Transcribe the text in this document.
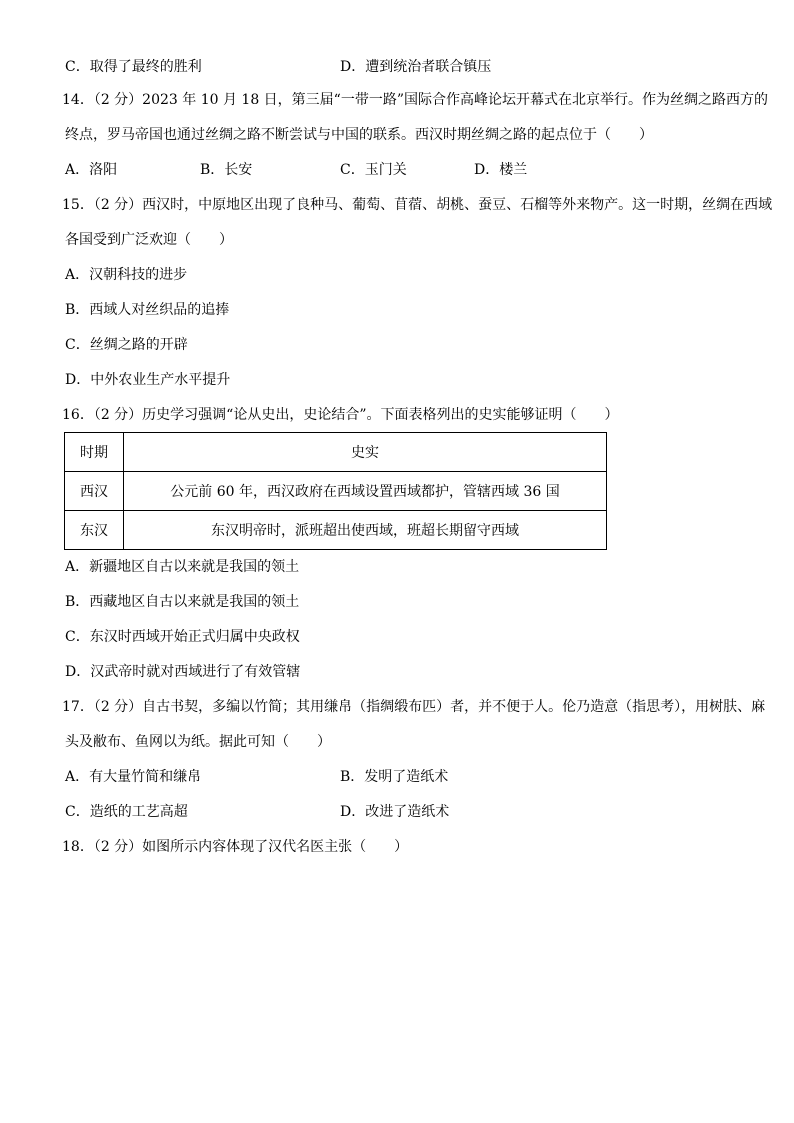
C．取得了最终的胜利	D．遭到统治者联合镇压
14．（2 分）2023 年 10 月 18 日，第三届“一带一路”国际合作高峰论坛开幕式在北京举行。作为丝绸之路西方的
终点，罗马帝国也通过丝绸之路不断尝试与中国的联系。西汉时期丝绸之路的起点位于（　　）
A．洛阳	B．长安	C．玉门关	D．楼兰
15．（2 分）西汉时，中原地区出现了良种马、葡萄、苜蓿、胡桃、蚕豆、石榴等外来物产。这一时期，丝绸在西域
各国受到广泛欢迎（　　）
A．汉朝科技的进步
B．西域人对丝织品的追捧
C．丝绸之路的开辟
D．中外农业生产水平提升
16．（2 分）历史学习强调“论从史出，史论结合”。下面表格列出的史实能够证明（　　）
时期	史实
西汉	公元前 60 年，西汉政府在西域设置西域都护，管辖西域 36 国
东汉	东汉明帝时，派班超出使西域，班超长期留守西域
A．新疆地区自古以来就是我国的领土
B．西藏地区自古以来就是我国的领土
C．东汉时西域开始正式归属中央政权
D．汉武帝时就对西域进行了有效管辖
17．（2 分）自古书契，多编以竹简；其用缣帛（指绸缎布匹）者，并不便于人。伦乃造意（指思考），用树肤、麻
头及敝布、鱼网以为纸。据此可知（　　）
A．有大量竹简和缣帛	B．发明了造纸术
C．造纸的工艺高超	D．改进了造纸术
18．（2 分）如图所示内容体现了汉代名医主张（　　）
